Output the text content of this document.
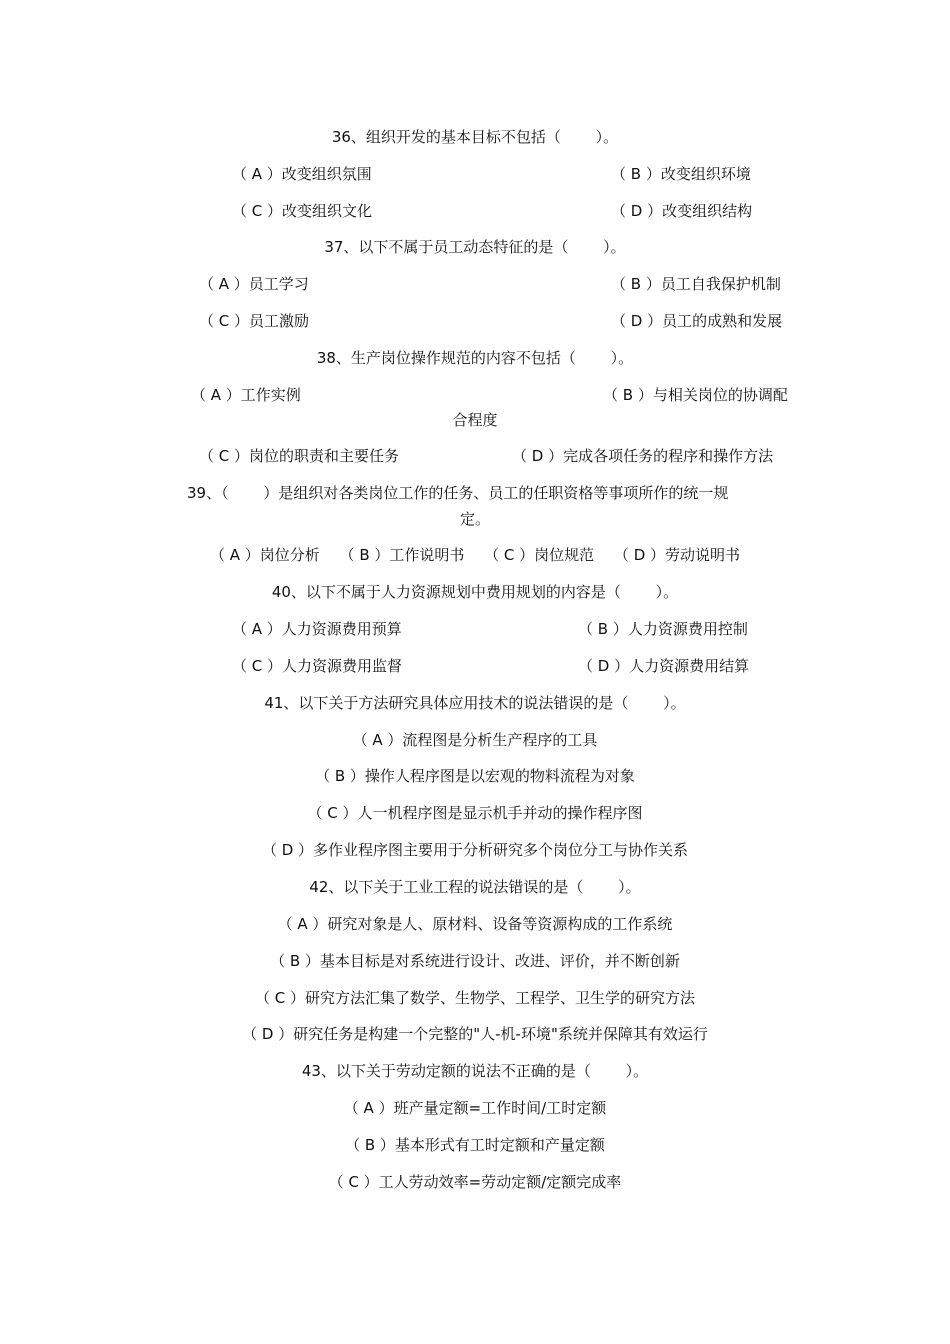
36、组织开发的基本目标不包括（ 　　）。
（ A ）改变组织氛围	（ B ）改变组织环境
（ C ）改变组织文化	（ D ）改变组织结构
37、以下不属于员工动态特征的是（　　 ）。
（ A ）员工学习	（ B ）员工自我保护机制
（ C ）员工激励	（ D ）员工的成熟和发展
38、生产岗位操作规范的内容不包括（　　 ）。
（ A ）工作实例	（ B ）与相关岗位的协调配
合程度
（ C ）岗位的职责和主要任务	（ D ）完成各项任务的程序和操作方法
39、（　　 ）是组织对各类岗位工作的任务、员工的任职资格等事项所作的统一规
定。
（ A ）岗位分析　 （ B ）工作说明书　 （ C ）岗位规范　 （ D ）劳动说明书
40、以下不属于人力资源规划中费用规划的内容是（　　 ）。
（ A ）人力资源费用预算	（ B ）人力资源费用控制
（ C ）人力资源费用监督	（ D ）人力资源费用结算
41、以下关于方法研究具体应用技术的说法错误的是（　　 ）。
（ A ）流程图是分析生产程序的工具
（ B ）操作人程序图是以宏观的物料流程为对象
（ C ）人一机程序图是显示机手并动的操作程序图
（ D ）多作业程序图主要用于分析研究多个岗位分工与协作关系
42、以下关于工业工程的说法错误的是（　　 ）。
（ A ）研究对象是人、原材料、设备等资源构成的工作系统
（ B ）基本目标是对系统进行设计、改进、评价，并不断创新
（ C ）研究方法汇集了数学、生物学、工程学、卫生学的研究方法
（ D ）研究任务是构建一个完整的"人-机-环境"系统并保障其有效运行
43、以下关于劳动定额的说法不正确的是（　　 ）。
（ A ）班产量定额=工作时间/工时定额
（ B ）基本形式有工时定额和产量定额
（ C ）工人劳动效率=劳动定额/定额完成率
